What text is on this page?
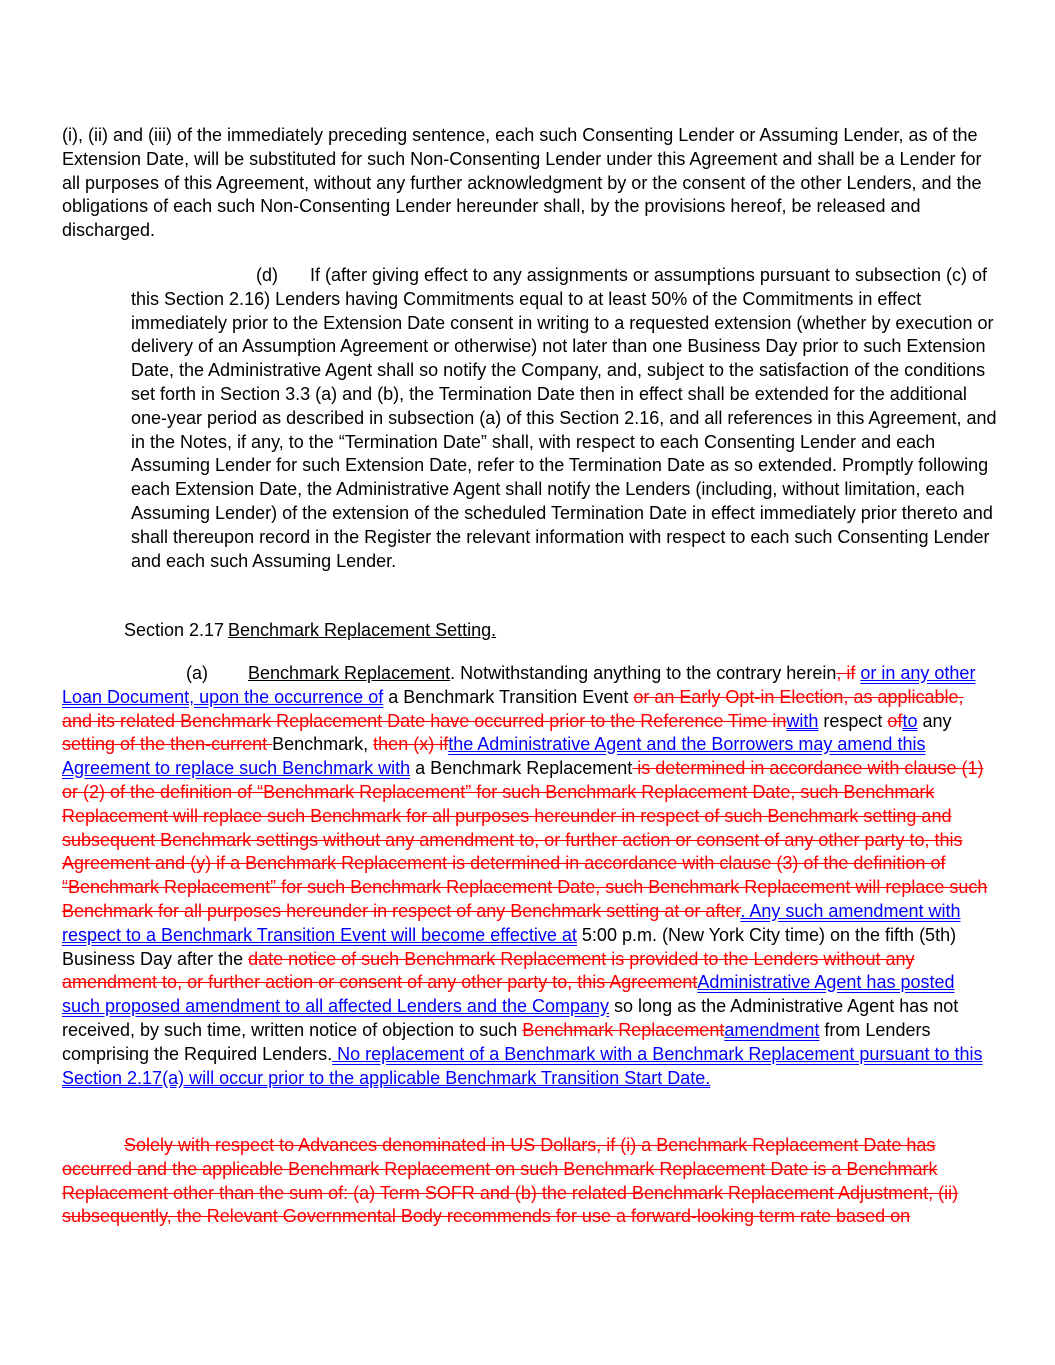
(i), (ii) and (iii) of the immediately preceding sentence, each such Consenting Lender or Assuming Lender, as of the Extension Date, will be substituted for such Non-Consenting Lender under this Agreement and shall be a Lender for all purposes of this Agreement, without any further acknowledgment by or the consent of the other Lenders, and the obligations of each such Non-Consenting Lender hereunder shall, by the provisions hereof, be released and discharged.

(d) If (after giving effect to any assignments or assumptions pursuant to subsection (c) of this Section 2.16) Lenders having Commitments equal to at least 50% of the Commitments in effect immediately prior to the Extension Date consent in writing to a requested extension (whether by execution or delivery of an Assumption Agreement or otherwise) not later than one Business Day prior to such Extension Date, the Administrative Agent shall so notify the Company, and, subject to the satisfaction of the conditions set forth in Section 3.3 (a) and (b), the Termination Date then in effect shall be extended for the additional one-year period as described in subsection (a) of this Section 2.16, and all references in this Agreement, and in the Notes, if any, to the “Termination Date” shall, with respect to each Consenting Lender and each Assuming Lender for such Extension Date, refer to the Termination Date as so extended. Promptly following each Extension Date, the Administrative Agent shall notify the Lenders (including, without limitation, each Assuming Lender) of the extension of the scheduled Termination Date in effect immediately prior thereto and shall thereupon record in the Register the relevant information with respect to each such Consenting Lender and each such Assuming Lender.

Section 2.17 Benchmark Replacement Setting.

(a) Benchmark Replacement. Notwithstanding anything to the contrary herein, if or in any other Loan Document, upon the occurrence of a Benchmark Transition Event or an Early Opt-in Election, as applicable, and its related Benchmark Replacement Date have occurred prior to the Reference Time inwith respect ofto any setting of the then-current Benchmark, then (x) ifthe Administrative Agent and the Borrowers may amend this Agreement to replace such Benchmark with a Benchmark Replacement is determined in accordance with clause (1) or (2) of the definition of “Benchmark Replacement” for such Benchmark Replacement Date, such Benchmark Replacement will replace such Benchmark for all purposes hereunder in respect of such Benchmark setting and subsequent Benchmark settings without any amendment to, or further action or consent of any other party to, this Agreement and (y) if a Benchmark Replacement is determined in accordance with clause (3) of the definition of “Benchmark Replacement” for such Benchmark Replacement Date, such Benchmark Replacement will replace such Benchmark for all purposes hereunder in respect of any Benchmark setting at or after. Any such amendment with respect to a Benchmark Transition Event will become effective at 5:00 p.m. (New York City time) on the fifth (5th) Business Day after the date notice of such Benchmark Replacement is provided to the Lenders without any amendment to, or further action or consent of any other party to, this AgreementAdministrative Agent has posted such proposed amendment to all affected Lenders and the Company so long as the Administrative Agent has not received, by such time, written notice of objection to such Benchmark Replacementamendment from Lenders comprising the Required Lenders. No replacement of a Benchmark with a Benchmark Replacement pursuant to this Section 2.17(a) will occur prior to the applicable Benchmark Transition Start Date.

Solely with respect to Advances denominated in US Dollars, if (i) a Benchmark Replacement Date has occurred and the applicable Benchmark Replacement on such Benchmark Replacement Date is a Benchmark Replacement other than the sum of: (a) Term SOFR and (b) the related Benchmark Replacement Adjustment, (ii) subsequently, the Relevant Governmental Body recommends for use a forward-looking term rate based on
